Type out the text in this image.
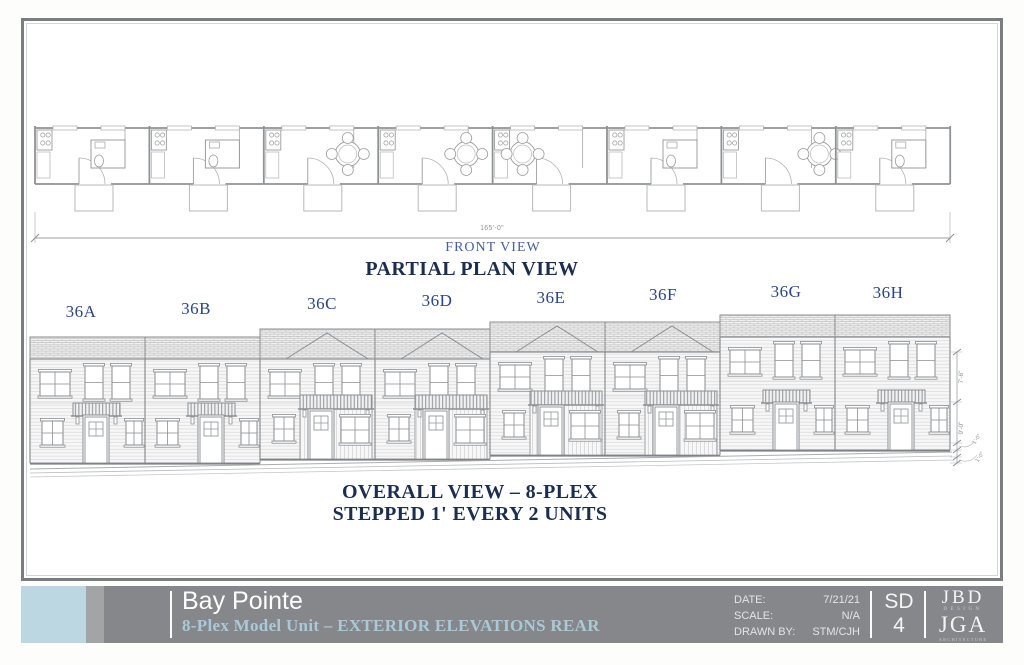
7'-6"
9'-0"
1'-0"
1'-0"
165'-0"
FRONT VIEW
PARTIAL PLAN VIEW
36A	36B	36C	36D	36E	36F	36G	36H
OVERALL VIEW – 8-PLEX
STEPPED 1' EVERY 2 UNITS
Bay Pointe
8-Plex Model Unit – EXTERIOR ELEVATIONS REAR
DATE:	7/21/21
SCALE:	N/A
DRAWN BY: STM/CJH
SD
4
JBD
DESIGN
JGA
ARCHITECTURE
